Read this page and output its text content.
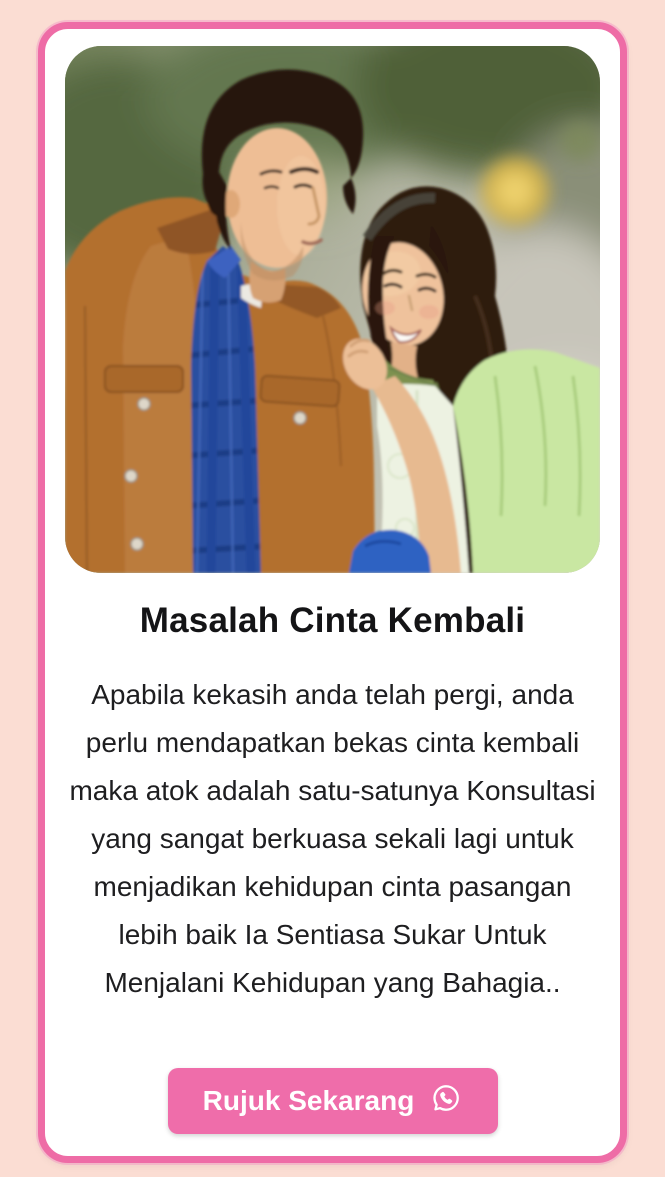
Masalah Cinta Kembali

Apabila kekasih anda telah pergi, anda perlu mendapatkan bekas cinta kembali maka atok adalah satu-satunya Konsultasi yang sangat berkuasa sekali lagi untuk menjadikan kehidupan cinta pasangan lebih baik Ia Sentiasa Sukar Untuk Menjalani Kehidupan yang Bahagia..

Rujuk Sekarang
